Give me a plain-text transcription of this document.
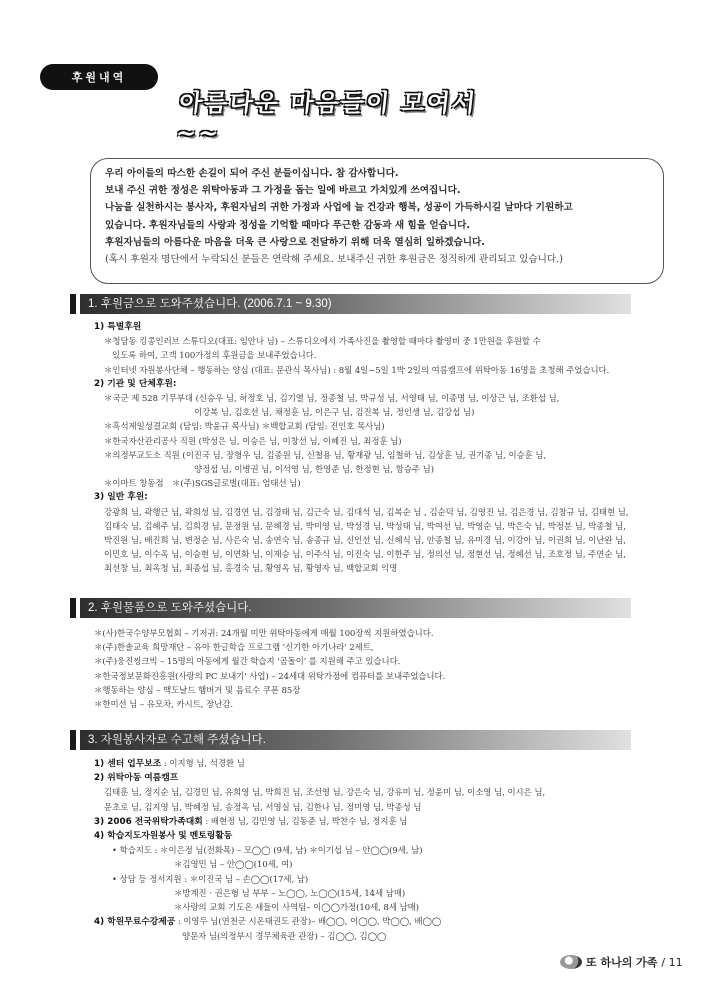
후원내역
아름다운 마음들이 모여서~~

우리 아이들의 따스한 손길이 되어 주신 분들이십니다. 참 감사합니다.

보내 주신 귀한 정성은 위탁아동과 그 가정을 돕는 일에 바르고 가치있게 쓰여집니다.

나눔을 실천하시는 봉사자, 후원자님의 귀한 가정과 사업에 늘 건강과 행복, 성공이 가득하시길 날마다 기원하고

있습니다. 후원자님들의 사랑과 정성을 기억할 때마다 푸근한 감동과 새 힘을 얻습니다.

후원자님들의 아름다운 마음을 더욱 큰 사랑으로 전달하기 위해 더욱 열심히 일하겠습니다.

(혹시 후원자 명단에서 누락되신 분들은 연락해 주세요. 보내주신 귀한 후원금은 정직하게 관리되고 있습니다.)

1. 후원금으로 도와주셨습니다. (2006.7.1 ~ 9.30)
1) 특별후원
＊청담동 킹콩인러브 스튜디오(대표: 임안나 님) – 스튜디오에서 가족사진을 촬영할 때마다 촬영비 중 1만원을 후원할 수
있도록 하여, 고객 100가정의 후원금을 보내주었습니다.
＊인터넷 자원봉사단체 – 행동하는 양심 (대표: 문관식 목사님) : 8월 4일~5일 1박 2일의 여름캠프에 위탁아동 16명을 초청해 주었습니다.
2) 기관 및 단체후원:
＊국군 제 528 기무부대 (신승우 님, 허정호 님, 김기열 님, 정종철 님, 박규성 님, 서영태 님, 이종명 님, 이상근 님, 조환섭 님,
이강복 님, 김호선 님, 채정훈 님, 이은구 님, 김진복 님, 정인생 님, 김강섭 님)
＊흑석제일성결교회 (담임: 박윤규 목사님) ＊백합교회 (담임: 진인호 목사님)
＊한국자산관리공사 직원 (박성은 님, 이승은 님, 이창선 님, 이혜진 님, 최정훈 님)
＊의정부교도소 직원 (이진국 님, 장형우 님, 김종원 님, 신철용 님, 황재광 님, 임철하 님, 김상훈 님, 권기종 님, 이승훈 님,
양정섭 님, 이병권 님, 이석영 님, 한영준 님, 한정현 님, 함승주 님)
＊이마트 창동점　＊(주)SGS글로벌(대표: 엄태선 님)
3) 일반 후원:
강광희 님, 곽행근 님, 곽희성 님, 김경연 님, 김경태 님, 김근숙 님, 김대석 님, 김복순 님 , 김순덕 님, 김영진 님, 김은경 님, 김창규 님, 김태현 님,
김태숙 님, 김혜주 님, 김희경 님, 문정원 님, 문혜경 님, 박미영 님, 박성경 님, 박성태 님, 박여선 님, 박영순 님, 박은숙 님, 박정분 님, 박종철 님,
박진원 님, 배진희 님, 변정순 님, 사은숙 님, 송연숙 님, 송종규 님, 신인선 님, 신혜식 님, 안종철 님, 유미경 님, 이강아 님, 이권희 님, 이난완 님,
이민호 님, 이수옥 님, 이승현 님, 이연화 님, 이재승 님, 이주식 님, 이진숙 님, 이한주 님, 정의선 님, 정현선 님, 정혜선 님, 조호정 님, 주연순 님,
최선창 님, 최옥청 님, 최종섭 님, 홍경숙 님, 황영옥 님, 황영자 님, 백합교회 익명
2. 후원물품으로 도와주셨습니다.
＊(사)한국수양부모협회 – 기저귀: 24개월 미만 위탁아동에게 매월 100장씩 지원하였습니다.
＊(주)한솔교육 희망재단 – 유아 한글학습 프로그램 '신기한 아기나라' 2세트,
＊(주)웅진씽크빅 – 15명의 아동에게 월간 학습지 '곰돌이' 를 지원해 주고 있습니다.
＊한국정보문화진흥원(사랑의 PC 보내기' 사업) – 24세대 위탁가정에 컴퓨터를 보내주었습니다.
＊행동하는 양심 – 맥도날드 햄버거 및 음료수 쿠폰 85장
＊한미선 님 – 유모차, 카시트, 장난감.
3. 자원봉사자로 수고해 주셨습니다.
1) 센터 업무보조 : 이지형 님, 석경환 님
2) 위탁아동 여름캠프
김태훈 님, 정지순 님, 김경민 님, 유희영 님, 박희진 님, 조선영 님, 강은숙 님, 강유미 님, 정윤미 님, 이소영 님, 이시은 님,
문초로 님, 김지영 님, 박혜정 님, 송정옥 님, 서영실 님, 김한나 님, 정미영 님, 박종성 님
3) 2006 전국위탁가족대회 : 배현정 님, 김민영 님, 김동준 님, 박찬수 님, 정지훈 님
4) 학습지도자원봉사 및 멘토링활동
• 학습지도 : ＊이은정 님(전화목) – 모◯◯ (9세, 남) ＊이기섭 님 – 안◯◯(9세, 남)
＊김영민 님 – 안◯◯(10세, 여)
• 상담 등 정서지원 : ＊이진국 님 – 손◯◯(17세, 남)
＊방계진 · 권은형 님 부부 – 노◯◯, 노◯◯(15세, 14세 남매)
＊사랑의 교회 기도온 새들이 사역팀– 이◯◯가정(10세, 8세 남매)
4) 학원무료수강제공 : 이영두 님(연천군 시온태권도 관장)– 배◯◯, 이◯◯, 박◯◯, 배◯◯
양문자 님(의정부시 경무체육관 관장) – 김◯◯, 김◯◯
또 하나의 가족 / 11
